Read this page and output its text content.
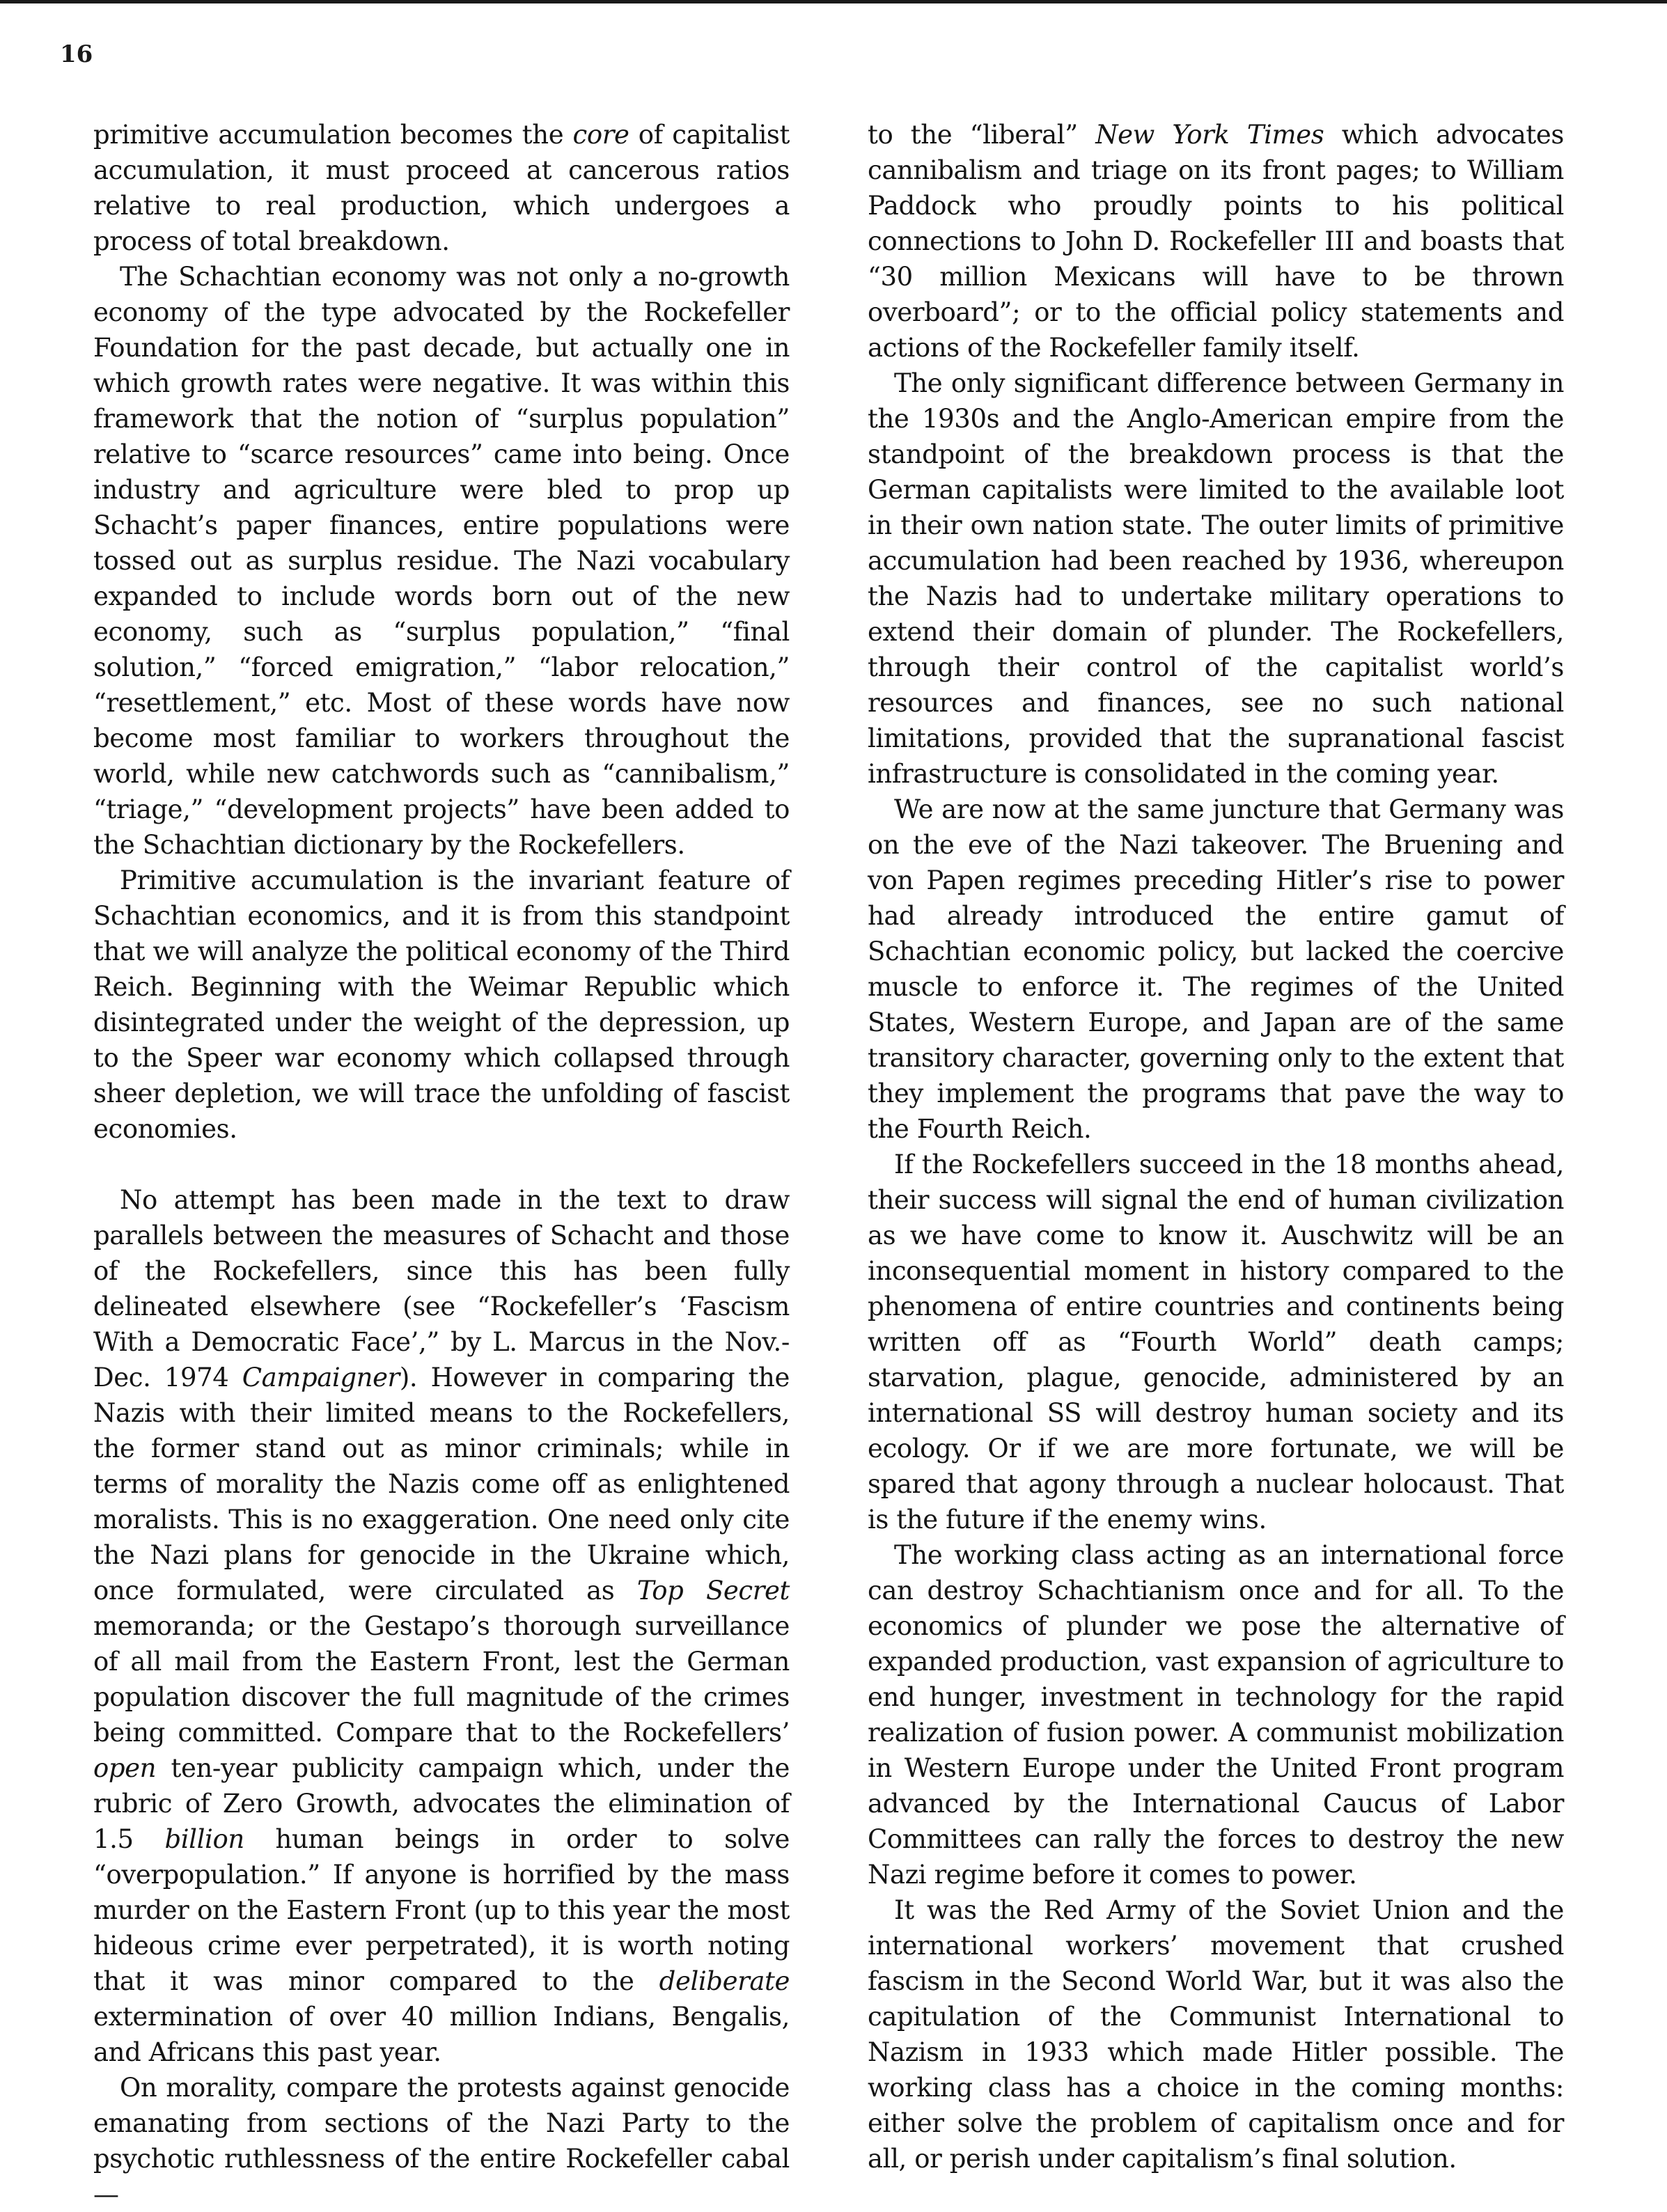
16

primitive accumulation becomes the core of capitalist accumulation, it must proceed at cancerous ratios relative to real production, which undergoes a process of total breakdown.

The Schachtian economy was not only a no-growth economy of the type advocated by the Rockefeller Foundation for the past decade, but actually one in which growth rates were negative. It was within this framework that the notion of “surplus population” relative to “scarce resources” came into being. Once industry and agriculture were bled to prop up Schacht’s paper finances, entire populations were tossed out as surplus residue. The Nazi vocabulary expanded to include words born out of the new economy, such as “surplus population,” “final solution,” “forced emigration,” “labor relocation,” “resettlement,” etc. Most of these words have now become most familiar to workers throughout the world, while new catchwords such as “cannibalism,” “triage,” “development projects” have been added to the Schachtian dictionary by the Rockefellers.

Primitive accumulation is the invariant feature of Schachtian economics, and it is from this standpoint that we will analyze the political economy of the Third Reich. Beginning with the Weimar Republic which disintegrated under the weight of the depression, up to the Speer war economy which collapsed through sheer depletion, we will trace the unfolding of fascist economies.

No attempt has been made in the text to draw parallels between the measures of Schacht and those of the Rockefellers, since this has been fully delineated elsewhere (see “Rockefeller’s ‘Fascism With a Democratic Face’,” by L. Marcus in the Nov.-Dec. 1974 Campaigner). However in comparing the Nazis with their limited means to the Rockefellers, the former stand out as minor criminals; while in terms of morality the Nazis come off as enlightened moralists. This is no exaggeration. One need only cite the Nazi plans for genocide in the Ukraine which, once formulated, were circulated as Top Secret memoranda; or the Gestapo’s thorough surveillance of all mail from the Eastern Front, lest the German population discover the full magnitude of the crimes being committed. Compare that to the Rockefellers’ open ten-year publicity campaign which, under the rubric of Zero Growth, advocates the elimination of 1.5 billion human beings in order to solve “overpopulation.” If anyone is horrified by the mass murder on the Eastern Front (up to this year the most hideous crime ever perpetrated), it is worth noting that it was minor compared to the deliberate extermination of over 40 million Indians, Bengalis, and Africans this past year.

On morality, compare the protests against genocide emanating from sections of the Nazi Party to the psychotic ruthlessness of the entire Rockefeller cabal —

to the “liberal” New York Times which advocates cannibalism and triage on its front pages; to William Paddock who proudly points to his political connections to John D. Rockefeller III and boasts that “30 million Mexicans will have to be thrown overboard”; or to the official policy statements and actions of the Rockefeller family itself.

The only significant difference between Germany in the 1930s and the Anglo-American empire from the standpoint of the breakdown process is that the German capitalists were limited to the available loot in their own nation state. The outer limits of primitive accumulation had been reached by 1936, whereupon the Nazis had to undertake military operations to extend their domain of plunder. The Rockefellers, through their control of the capitalist world’s resources and finances, see no such national limitations, provided that the supranational fascist infrastructure is consolidated in the coming year.

We are now at the same juncture that Germany was on the eve of the Nazi takeover. The Bruening and von Papen regimes preceding Hitler’s rise to power had already introduced the entire gamut of Schachtian economic policy, but lacked the coercive muscle to enforce it. The regimes of the United States, Western Europe, and Japan are of the same transitory character, governing only to the extent that they implement the programs that pave the way to the Fourth Reich.

If the Rockefellers succeed in the 18 months ahead, their success will signal the end of human civilization as we have come to know it. Auschwitz will be an inconsequential moment in history compared to the phenomena of entire countries and continents being written off as “Fourth World” death camps; starvation, plague, genocide, administered by an international SS will destroy human society and its ecology. Or if we are more fortunate, we will be spared that agony through a nuclear holocaust. That is the future if the enemy wins.

The working class acting as an international force can destroy Schachtianism once and for all. To the economics of plunder we pose the alternative of expanded production, vast expansion of agriculture to end hunger, investment in technology for the rapid realization of fusion power. A communist mobilization in Western Europe under the United Front program advanced by the International Caucus of Labor Committees can rally the forces to destroy the new Nazi regime before it comes to power.

It was the Red Army of the Soviet Union and the international workers’ movement that crushed fascism in the Second World War, but it was also the capitulation of the Communist International to Nazism in 1933 which made Hitler possible. The working class has a choice in the coming months: either solve the problem of capitalism once and for all, or perish under capitalism’s final solution.
